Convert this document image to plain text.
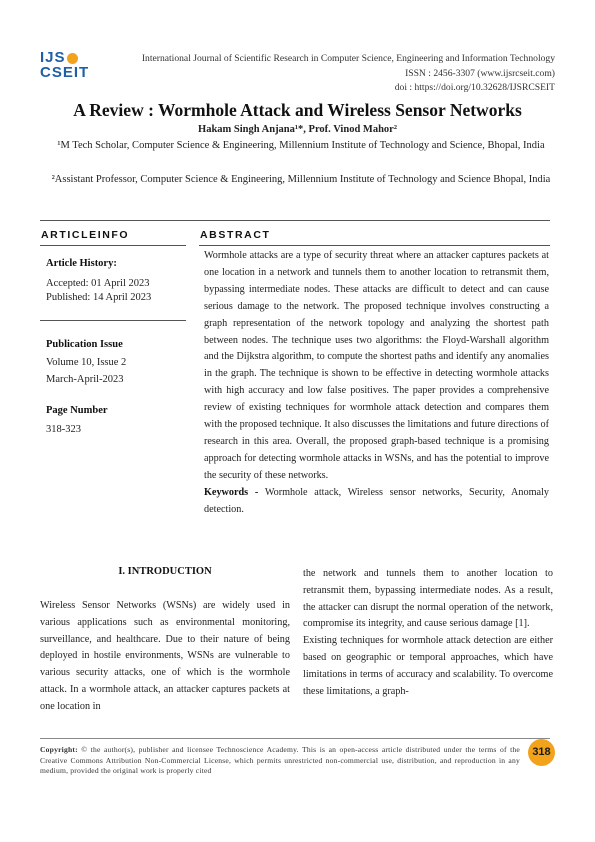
IJS
CSEIT
International Journal of Scientific Research in Computer Science, Engineering and Information Technology
ISSN : 2456-3307 (www.ijsrcseit.com)
doi : https://doi.org/10.32628/IJSRCSEIT
A Review : Wormhole Attack and Wireless Sensor Networks
Hakam Singh Anjana¹*, Prof. Vinod Mahor²
¹M Tech Scholar, Computer Science & Engineering, Millennium Institute of Technology and Science, Bhopal, India
²Assistant Professor, Computer Science & Engineering, Millennium Institute of Technology and Science Bhopal, India
ARTICLEINFO
Article History:
Accepted: 01 April 2023
Published: 14 April 2023
Publication Issue
Volume 10, Issue 2
March-April-2023
Page Number
318-323
ABSTRACT
Wormhole attacks are a type of security threat where an attacker captures packets at one location in a network and tunnels them to another location to retransmit them, bypassing intermediate nodes. These attacks are difficult to detect and can cause serious damage to the network. The proposed technique involves constructing a graph representation of the network topology and analyzing the shortest path between nodes. The technique uses two algorithms: the Floyd-Warshall algorithm and the Dijkstra algorithm, to compute the shortest paths and identify any anomalies in the graph. The technique is shown to be effective in detecting wormhole attacks with high accuracy and low false positives. The paper provides a comprehensive review of existing techniques for wormhole attack detection and compares them with the proposed technique. It also discusses the limitations and future directions of research in this area. Overall, the proposed graph-based technique is a promising approach for detecting wormhole attacks in WSNs, and has the potential to improve the security of these networks.
Keywords - Wormhole attack, Wireless sensor networks, Security, Anomaly detection.
I. INTRODUCTION
Wireless Sensor Networks (WSNs) are widely used in various applications such as environmental monitoring, surveillance, and healthcare. Due to their nature of being deployed in hostile environments, WSNs are vulnerable to various security attacks, one of which is the wormhole attack. In a wormhole attack, an attacker captures packets at one location in
the network and tunnels them to another location to retransmit them, bypassing intermediate nodes. As a result, the attacker can disrupt the normal operation of the network, compromise its integrity, and cause serious damage [1].
Existing techniques for wormhole attack detection are either based on geographic or temporal approaches, which have limitations in terms of accuracy and scalability. To overcome these limitations, a graph-
Copyright: © the author(s), publisher and licensee Technoscience Academy. This is an open-access article distributed under the terms of the Creative Commons Attribution Non-Commercial License, which permits unrestricted non-commercial use, distribution, and reproduction in any medium, provided the original work is properly cited
318
